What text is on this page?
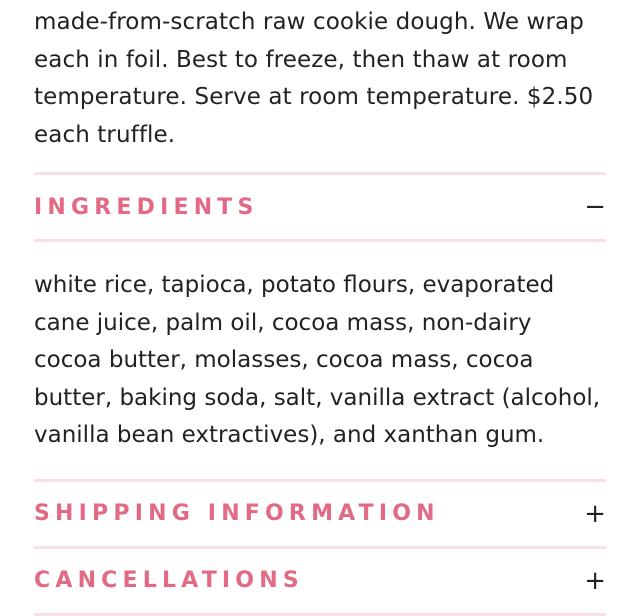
made-from-scratch raw cookie dough. We wrap
each in foil. Best to freeze, then thaw at room
temperature. Serve at room temperature. $2.50
each truffle.

INGREDIENTS	−
white rice, tapioca, potato flours, evaporated
cane juice, palm oil, cocoa mass, non-dairy
cocoa butter, molasses, cocoa mass, cocoa
butter, baking soda, salt, vanilla extract (alcohol,
vanilla bean extractives), and xanthan gum.
SHIPPING INFORMATION	+
CANCELLATIONS	+
